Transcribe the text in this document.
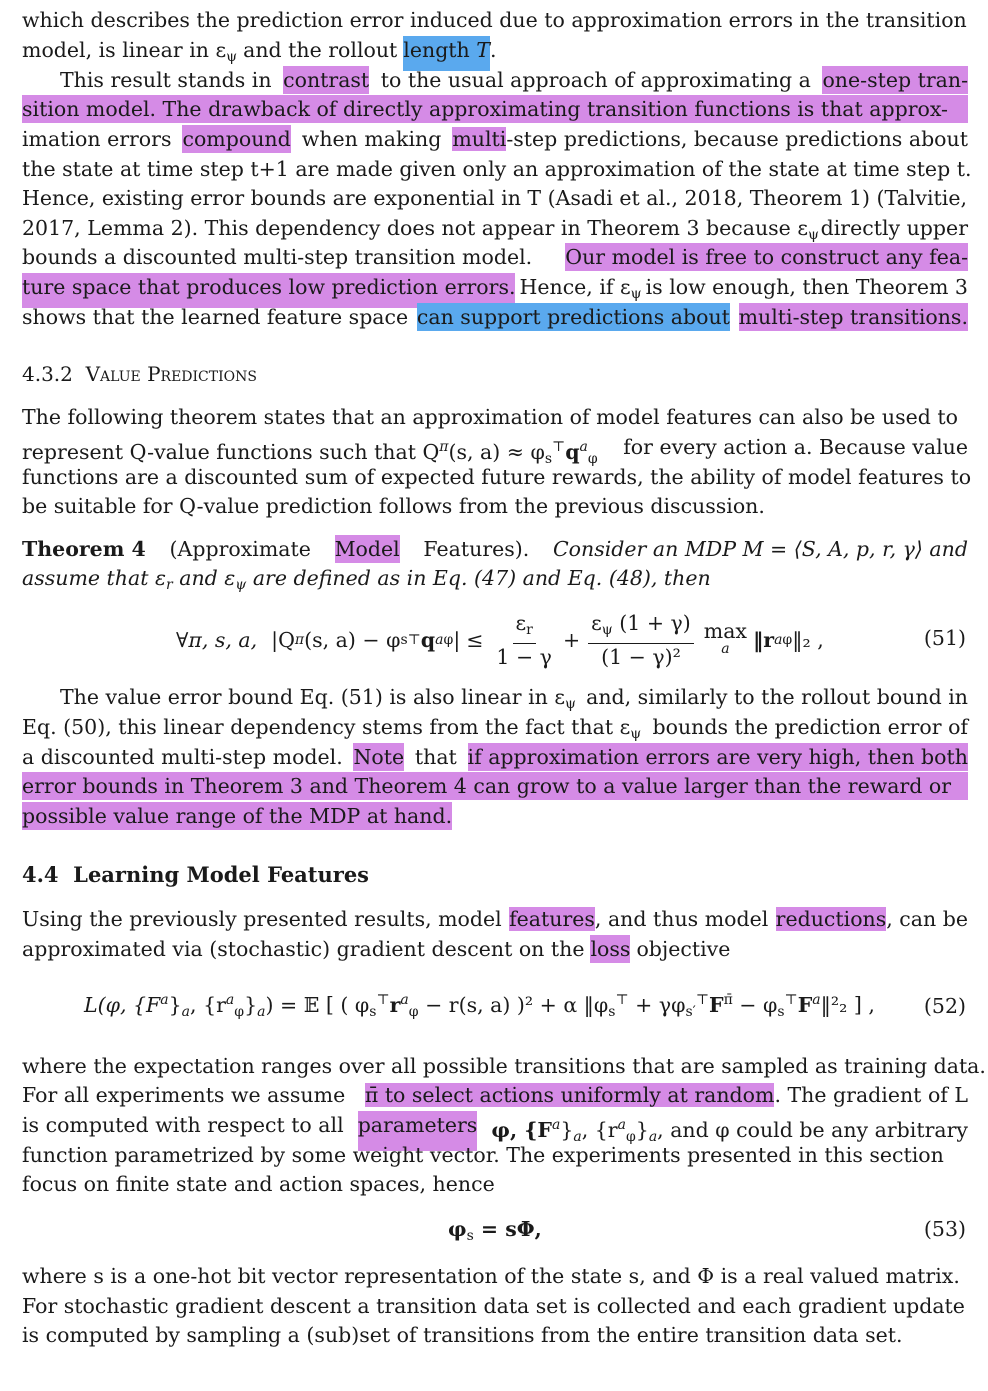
which describes the prediction error induced due to approximation errors in the transition
model, is linear in $\varepsilon_\psi$ and the rollout length T .
This result stands in contrast to the usual approach of approximating a one-step tran-
sition model. The drawback of directly approximating transition functions is that approx-
imation errors compound when making multi-step predictions, because predictions about
the state at time step t+1 are made given only an approximation of the state at time step t.
Hence, existing error bounds are exponential in T (Asadi et al., 2018, Theorem 1) (Talvitie,
2017, Lemma 2). This dependency does not appear in Theorem 3 because $\varepsilon_\psi$ directly upper
bounds a discounted multi-step transition model. Our model is free to construct any fea-
ture space that produces low prediction errors. Hence, if $\varepsilon_\psi$ is low enough, then Theorem 3
shows that the learned feature space can support predictions about multi-step transitions.
4.3.2 Value Predictions
The following theorem states that an approximation of model features can also be used to
represent Q-value functions such that $Q^\pi(s$, $a) \approx \varphi_s^⊤q^a_\varphi$ for every action a. Because value
functions are a discounted sum of expected future rewards, the ability of model features to
be suitable for Q-value prediction follows from the previous discussion.
Theorem 4 (Approximate Model Features). Consider an MDP M = ⟨S, A, p, r, γ⟩ and
assume that $\varepsilon_r$ and $\varepsilon_\psi$ are defined as in Eq. (47) and Eq. (48), then
∀π, s, a, |Q π (s, a) − φ s ⊤ q a φ | ≤ $\frac{\varepsilon_r}{1 - \gamma} + \frac{\varepsilon_\psi (1 + \gamma)}{\text{(1 − γ)²}}$ max
a ‖r a φ ‖₂ ,	(51)
The value error bound Eq. (51) is also linear in $\varepsilon_\psi$ and, similarly to the rollout bound in
Eq. (50), this linear dependency stems from the fact that $\varepsilon_\psi$ bounds the prediction error of
a discounted multi-step model. Note that if approximation errors are very high, then both
error bounds in Theorem 3 and Theorem 4 can grow to a value larger than the reward or
possible value range of the MDP at hand.
4.4 Learning Model Features
Using the previously presented results, model features, and thus model reductions, can be
approximated via (stochastic) gradient descent on the loss objective
L(φ, $\{F^a\}_a$, $\{r^a_\varphi\}_a$) = 𝔼 [ ( $\varphi_s^⊤r^a_\varphi - r(s$, a) )² + α $‖\varphi_s^⊤ + \gamma\varphi_{s'}^⊤F^{\pī}$ − $\varphi_s^⊤F^a‖^2_2$ ] , (52)
where the expectation ranges over all possible transitions that are sampled as training data.
For all experiments we assume π̄ to select actions uniformly at random. The gradient of L
is computed with respect to all parameters φ, $\{F^a\}_a$, $\{r^a_\varphi\}_a$, and φ could be any arbitrary
function parametrized by some weight vector. The experiments presented in this section
focus on finite state and action spaces, hence
$\varphi_s = s\Phi$,	(53)
where s is a one-hot bit vector representation of the state s, and Φ is a real valued matrix.
For stochastic gradient descent a transition data set is collected and each gradient update
is computed by sampling a (sub)set of transitions from the entire transition data set.
